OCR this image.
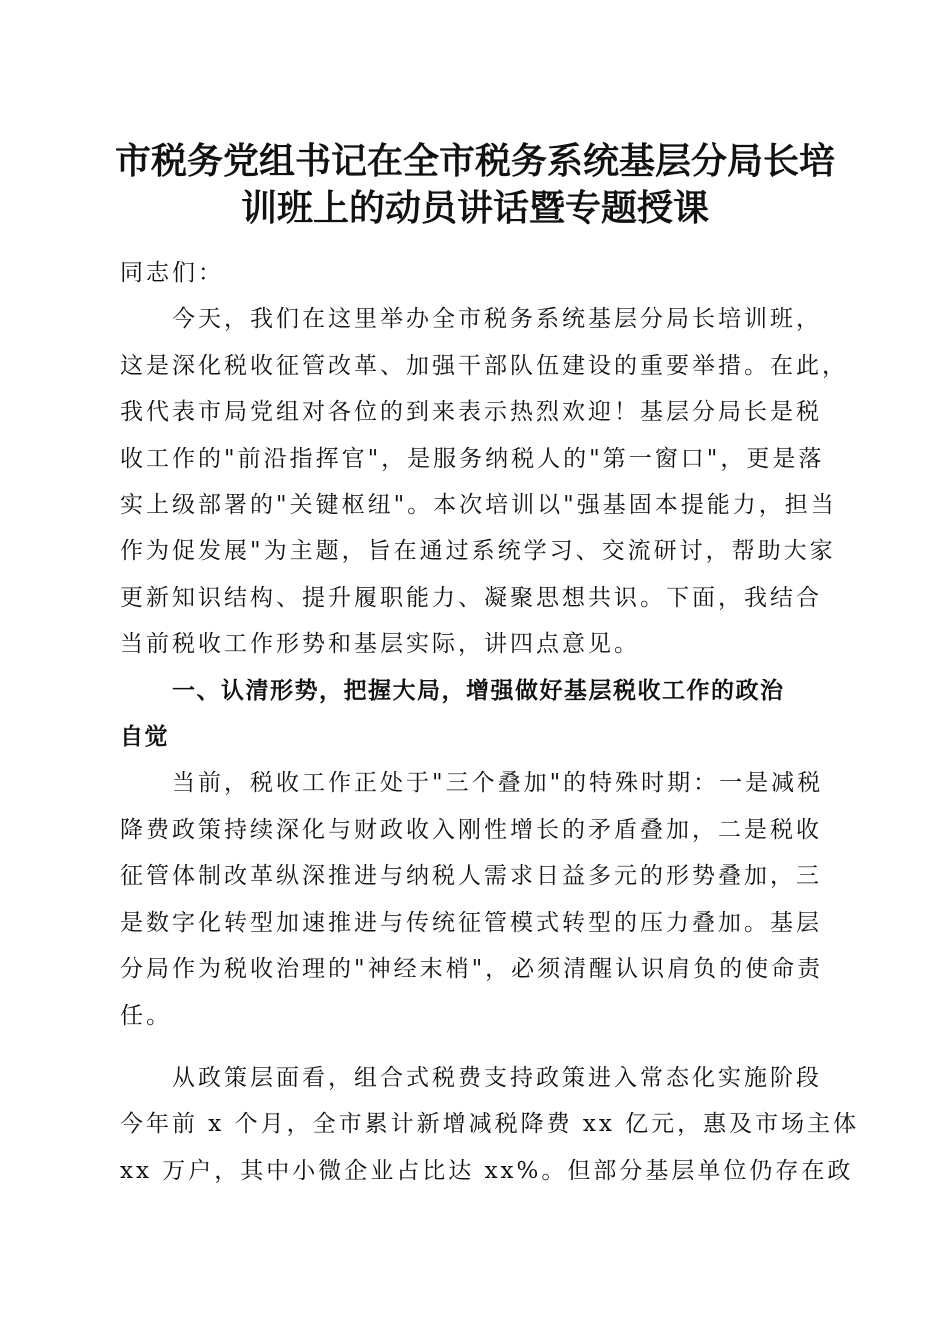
市税务党组书记在全市税务系统基层分局长培
训班上的动员讲话暨专题授课

同志们：

今天，我们在这里举办全市税务系统基层分局长培训班，
这是深化税收征管改革、加强干部队伍建设的重要举措。在此，
我代表市局党组对各位的到来表示热烈欢迎！基层分局长是税
收工作的"前沿指挥官"，是服务纳税人的"第一窗口"，更是落
实上级部署的"关键枢纽"。本次培训以"强基固本提能力，担当
作为促发展"为主题，旨在通过系统学习、交流研讨，帮助大家
更新知识结构、提升履职能力、凝聚思想共识。下面，我结合
当前税收工作形势和基层实际，讲四点意见。

一、认清形势，把握大局，增强做好基层税收工作的政治
自觉

当前，税收工作正处于"三个叠加"的特殊时期：一是减税
降费政策持续深化与财政收入刚性增长的矛盾叠加，二是税收
征管体制改革纵深推进与纳税人需求日益多元的形势叠加，三
是数字化转型加速推进与传统征管模式转型的压力叠加。基层
分局作为税收治理的"神经末梢"，必须清醒认识肩负的使命责
任。

从政策层面看，组合式税费支持政策进入常态化实施阶段
今年前 x 个月，全市累计新增减税降费 xx 亿元，惠及市场主体
xx 万户，其中小微企业占比达 xx%。但部分基层单位仍存在政
